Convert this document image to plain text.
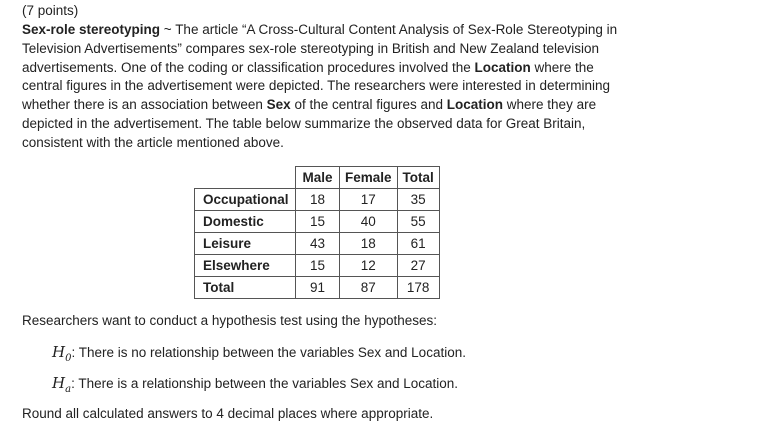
(7 points)

Sex-role stereotyping ~ The article “A Cross-Cultural Content Analysis of Sex-Role Stereotyping in Television Advertisements” compares sex-role stereotyping in British and New Zealand television advertisements. One of the coding or classification procedures involved the Location where the central figures in the advertisement were depicted. The researchers were interested in determining whether there is an association between Sex of the central figures and Location where they are depicted in the advertisement. The table below summarize the observed data for Great Britain, consistent with the article mentioned above.

	Male	Female	Total
Occupational	18	17	35
Domestic	15	40	55
Leisure	43	18	61
Elsewhere	15	12	27
Total	91	87	178
Researchers want to conduct a hypothesis test using the hypotheses:
$H_0$: There is no relationship between the variables Sex and Location.
$H_a$: There is a relationship between the variables Sex and Location.
Round all calculated answers to 4 decimal places where appropriate.
